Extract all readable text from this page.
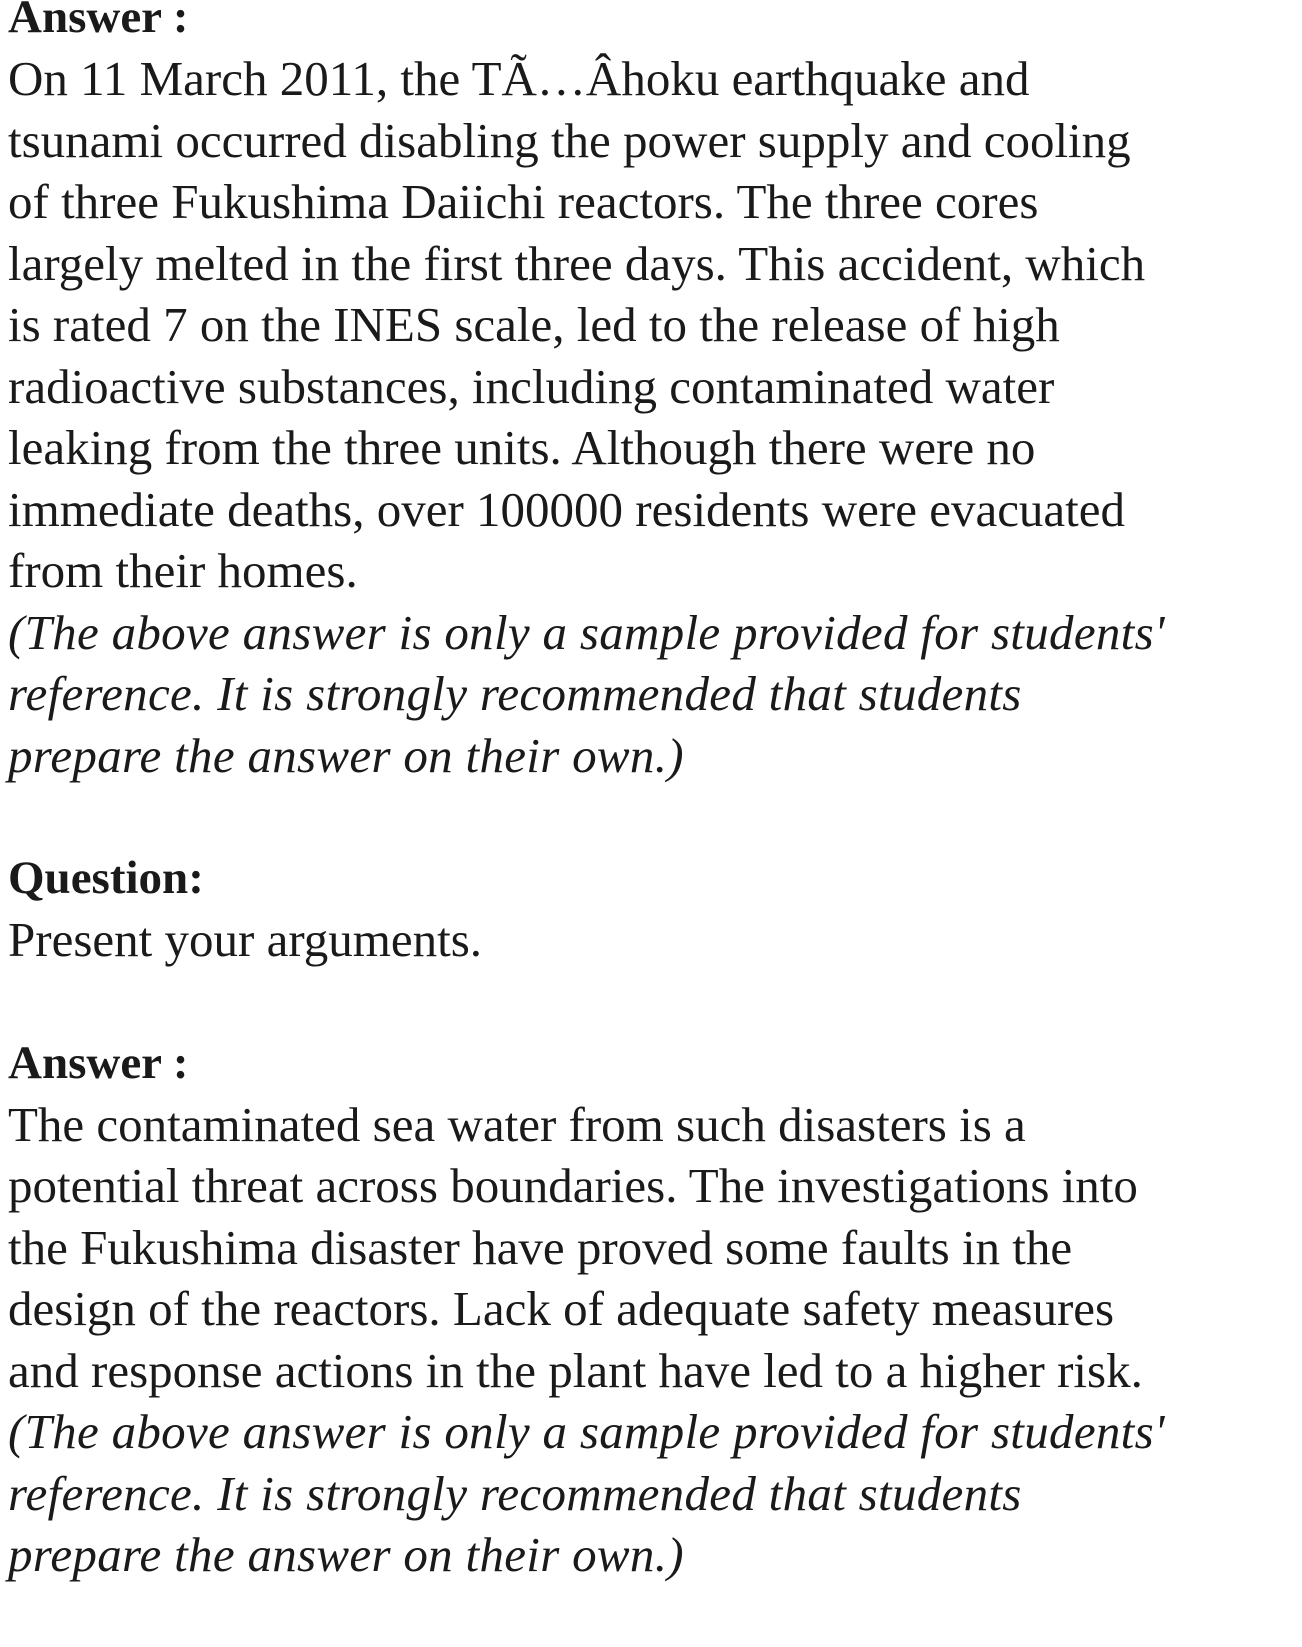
Answer :

On 11 March 2011, the TÃ…Âhoku earthquake and

tsunami occurred disabling the power supply and cooling

of three Fukushima Daiichi reactors. The three cores

largely melted in the first three days. This accident, which

is rated 7 on the INES scale, led to the release of high

radioactive substances, including contaminated water

leaking from the three units. Although there were no

immediate deaths, over 100000 residents were evacuated

from their homes.

(The above answer is only a sample provided for students'

reference. It is strongly recommended that students

prepare the answer on their own.)

Question:

Present your arguments.

Answer :

The contaminated sea water from such disasters is a

potential threat across boundaries. The investigations into

the Fukushima disaster have proved some faults in the

design of the reactors. Lack of adequate safety measures

and response actions in the plant have led to a higher risk.

(The above answer is only a sample provided for students'

reference. It is strongly recommended that students

prepare the answer on their own.)
